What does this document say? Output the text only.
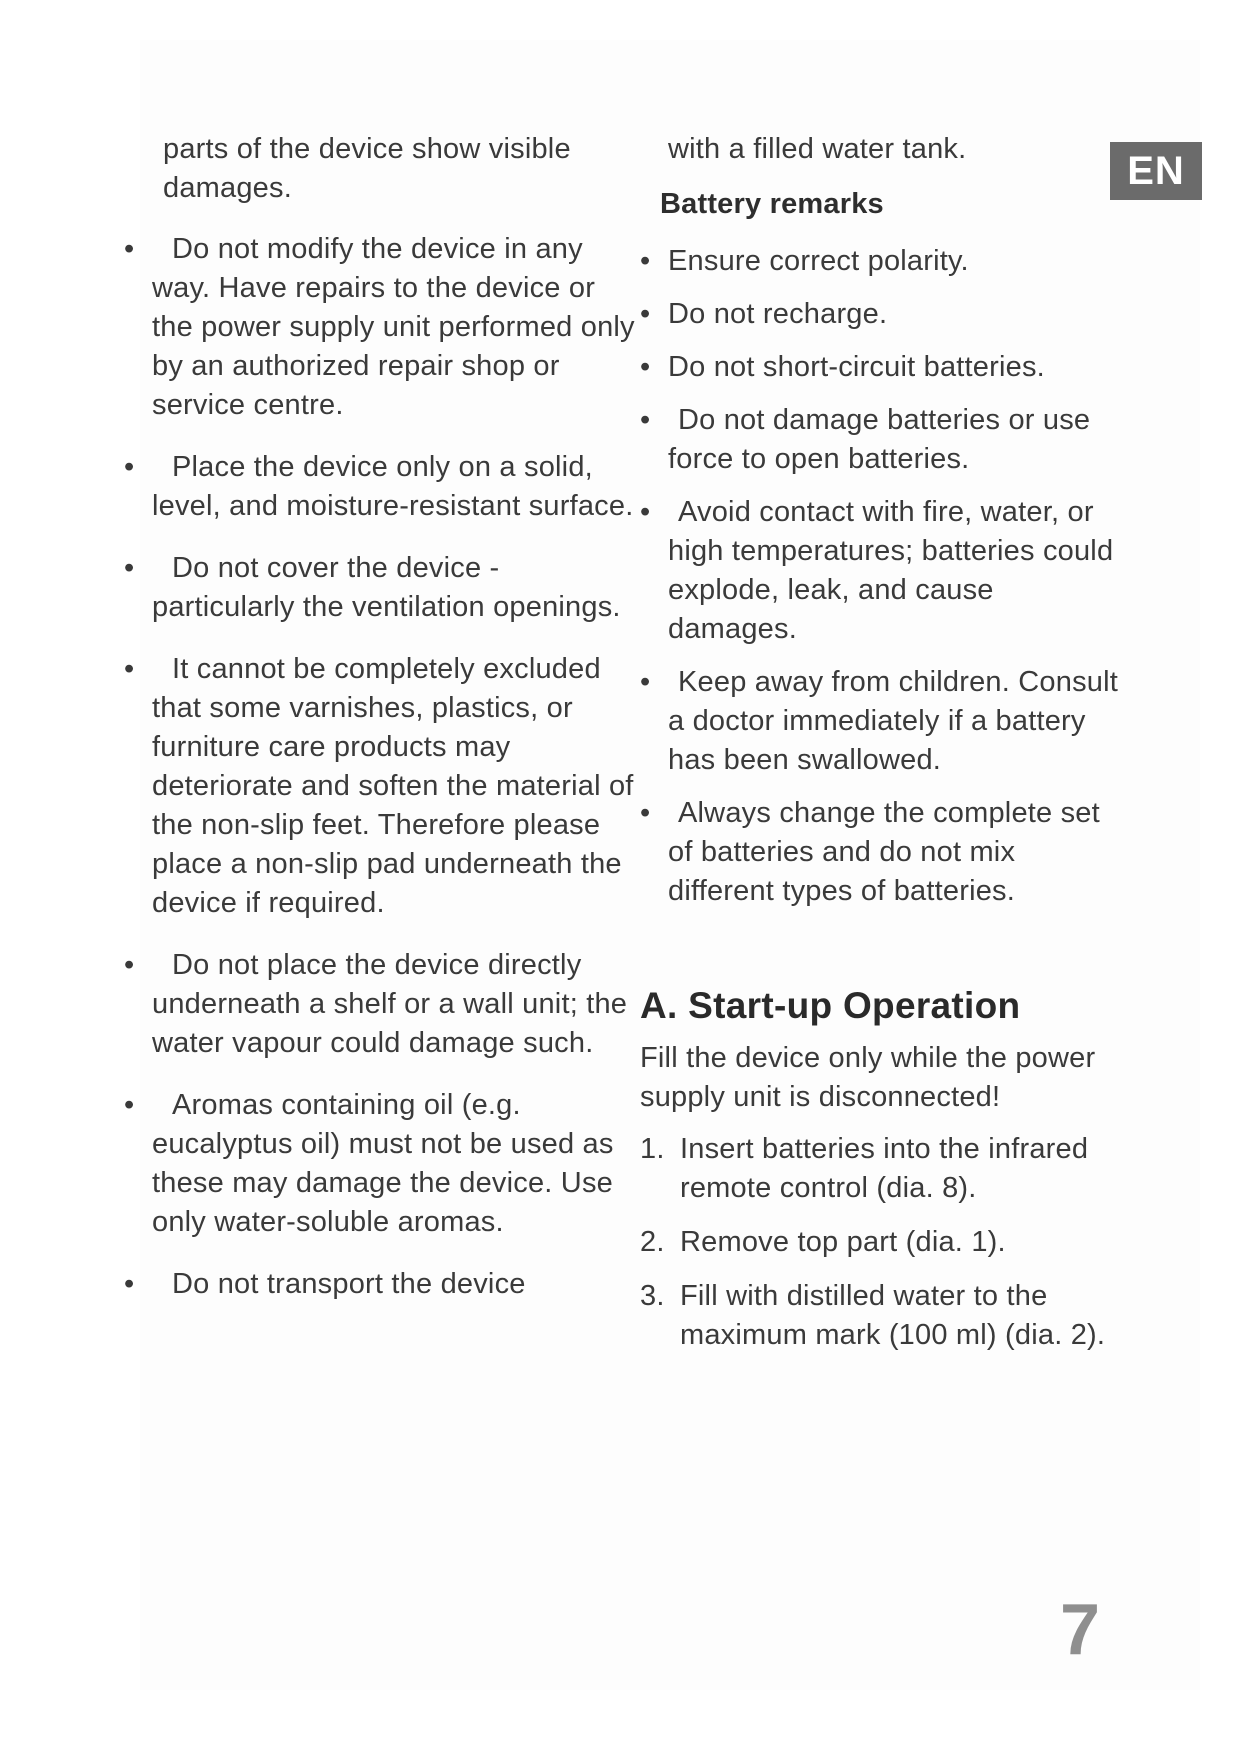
EN

parts of the device show visible damages.

• Do not modify the device in any way. Have repairs to the device or the power supply unit performed only by an authorized repair shop or service centre.
• Place the device only on a solid, level, and moisture-resistant surface.
• Do not cover the device - particularly the ventilation openings.
• It cannot be completely excluded that some varnishes, plastics, or furniture care products may deteriorate and soften the material of the non-slip feet. Therefore please place a non-slip pad underneath the device if required.
• Do not place the device directly underneath a shelf or a wall unit; the water vapour could damage such.
• Aromas containing oil (e.g. eucalyptus oil) must not be used as these may damage the device. Use only water-soluble aromas.
• Do not transport the device

with a filled water tank.

Battery remarks
• Ensure correct polarity.
• Do not recharge.
• Do not short-circuit batteries.
• Do not damage batteries or use force to open batteries.
• Avoid contact with fire, water, or high temperatures; batteries could explode, leak, and cause damages.
• Keep away from children. Consult a doctor immediately if a battery has been swallowed.
• Always change the complete set of batteries and do not mix different types of batteries.
A. Start-up Operation

Fill the device only while the power supply unit is disconnected!

1. Insert batteries into the infrared remote control (dia. 8).
2. Remove top part (dia. 1).
3. Fill with distilled water to the maximum mark (100 ml) (dia. 2).
7
